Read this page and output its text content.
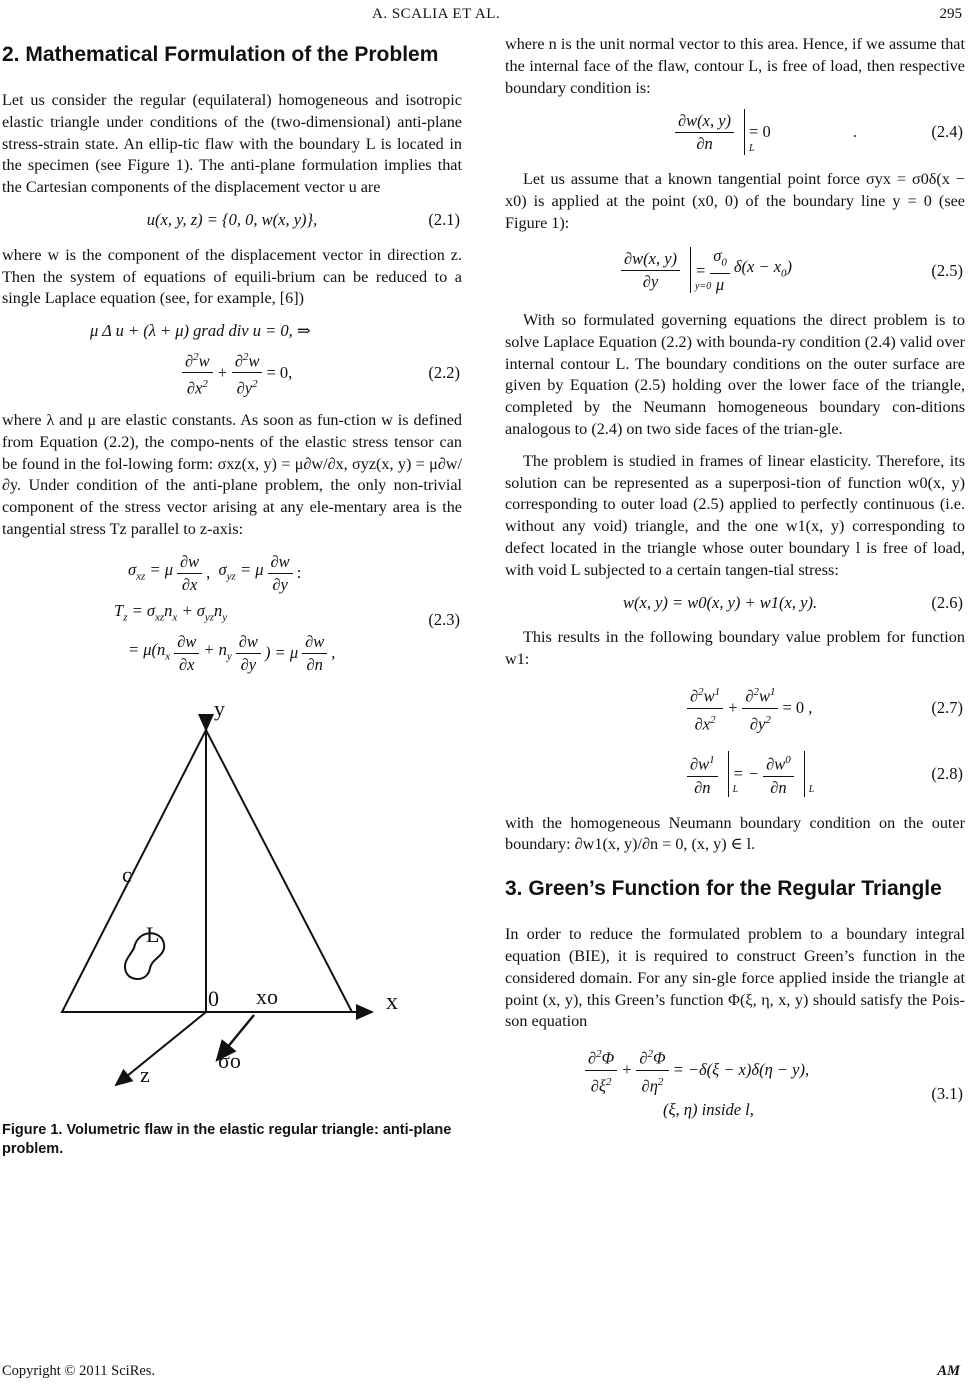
A. SCALIA ET AL.	295
2. Mathematical Formulation of the Problem

Let us consider the regular (equilateral) homogeneous and isotropic elastic triangle under conditions of the (two-dimensional) anti-plane stress-strain state. An ellip-tic flaw with the boundary L is located in the specimen (see Figure 1). The anti-plane formulation implies that the Cartesian components of the displacement vector u are

u(x, y, z) = {0, 0, w(x, y)},	(2.1)

where w is the component of the displacement vector in direction z. Then the system of equations of equili-brium can be reduced to a single Laplace equation (see, for example, [6])

μ Δ u + (λ + μ) grad div u = 0, ⇒
$\frac{\partial^2w}{\partial x^2} + \frac{\partial^2w}{\partial y^2} = 0$,	(2.2)

where λ and μ are elastic constants. As soon as fun-ction w is defined from Equation (2.2), the compo-nents of the elastic stress tensor can be found in the fol-lowing form: σxz(x, y) = μ∂w/∂x, σyz(x, y) = μ∂w/∂y. Under condition of the anti-plane problem, the only non-trivial component of the stress vector arising at any ele-mentary area is the tangential stress Tz parallel to z-axis:

$\sigma_{xz} = \mu \frac{\partial w}{\partial x}$ , $\sigma_{yz} = \mu \frac{\partial w}{\partial y}$ :
$T_z = \sigma_{xz}n_x + \sigma_{yz}n_y$
= $\mu(n_x \frac{\partial w}{\partial x} + n_y \frac{\partial w}{\partial y}$ ) = μ $\frac{\partial w}{\partial n}$ ,
(2.3)
y
c
L
0 xo	x
σo
z
Figure 1. Volumetric flaw in the elastic regular triangle: anti-plane problem.

where n is the unit normal vector to this area. Hence, if we assume that the internal face of the flaw, contour L, is free of load, then respective boundary condition is:

$\frac{\partial w(x, y)}{\partial n}$ L
= 0	.	(2.4)

Let us assume that a known tangential point force σyx = σ0δ(x − x0) is applied at the point (x0, 0) of the boundary line y = 0 (see Figure 1):

$\frac{\partial w(x, y)}{\partial y} y=0$
= $\frac{\sigma_0}{\mu} \delta(x - x_0)$	(2.5)

With so formulated governing equations the direct problem is to solve Laplace Equation (2.2) with bounda-ry condition (2.4) valid over internal contour L. The boundary conditions on the outer surface are given by Equation (2.5) holding over the lower face of the triangle, completed by the Neumann homogeneous boundary con-ditions analogous to (2.4) on two side faces of the trian-gle.

The problem is studied in frames of linear elasticity. Therefore, its solution can be represented as a superposi-tion of function w0(x, y) corresponding to outer load (2.5) applied to perfectly continuous (i.e. without any void) triangle, and the one w1(x, y) corresponding to defect located in the triangle whose outer boundary l is free of load, with void L subjected to a certain tangen-tial stress:

w(x, y) = w0(x, y) + w1(x, y).	(2.6)

This results in the following boundary value problem for function w1:

$\frac{\partial^2w^1}{\partial x^2} + \frac{\partial^2w^1}{\partial y^2} = 0$ ,	(2.7)
$\frac{\partial w^1}{\partial n}$ L
= − $\frac{\partial w^0}{\partial n}$ L
(2.8)

with the homogeneous Neumann boundary condition on the outer boundary: ∂w1(x, y)/∂n = 0, (x, y) ∈ l.

3. Green’s Function for the Regular Triangle

In order to reduce the formulated problem to a boundary integral equation (BIE), it is required to construct Green’s function in the considered domain. For any sin-gle force applied inside the triangle at point (x, y), this Green’s function Φ(ξ, η, x, y) should satisfy the Pois-son equation

$\frac{\partial^2\Phi}{\partial\xi^2} + \frac{\partial^2\Phi}{\partial\eta^2} = -\delta(\xi - x)\delta(\eta - y)$,
(ξ, η) inside l,
(3.1)
Copyright © 2011 SciRes.	AM
